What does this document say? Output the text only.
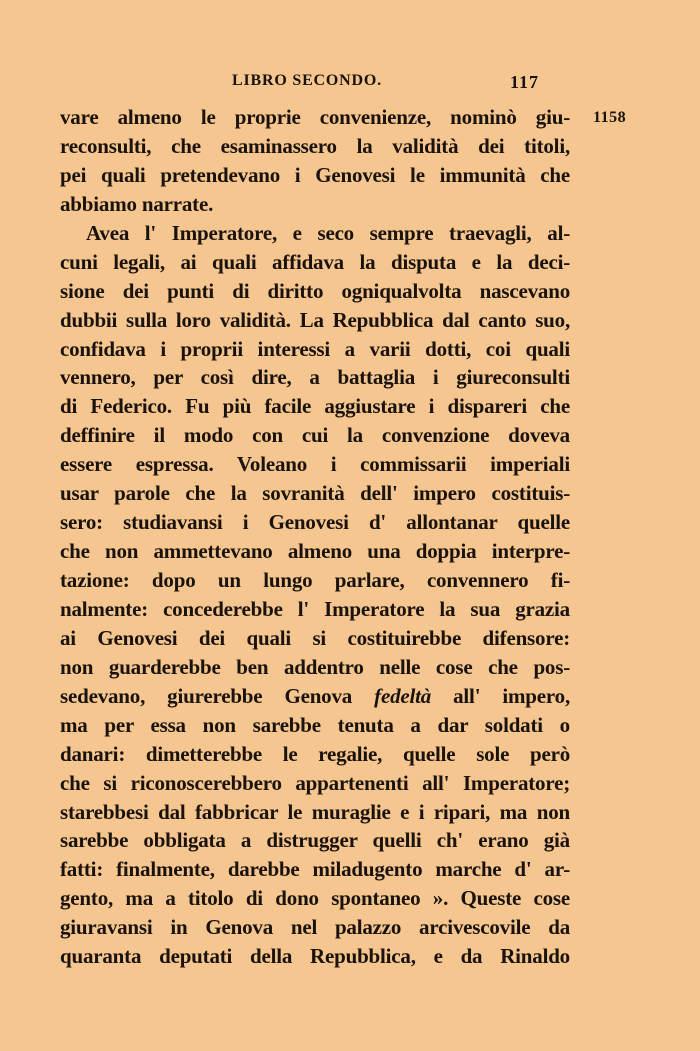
LIBRO SECONDO.	117
1158
vare almeno le proprie convenienze, nominò giu-
reconsulti, che esaminassero la validità dei titoli,
pei quali pretendevano i Genovesi le immunità che
abbiamo narrate.
Avea l' Imperatore, e seco sempre traevagli, al-
cuni legali, ai quali affidava la disputa e la deci-
sione dei punti di diritto ogniqualvolta nascevano
dubbii sulla loro validità. La Repubblica dal canto suo,
confidava i proprii interessi a varii dotti, coi quali
vennero, per così dire, a battaglia i giureconsulti
di Federico. Fu più facile aggiustare i dispareri che
deffinire il modo con cui la convenzione doveva
essere espressa. Voleano i commissarii imperiali
usar parole che la sovranità dell' impero costituis-
sero: studiavansi i Genovesi d' allontanar quelle
che non ammettevano almeno una doppia interpre-
tazione: dopo un lungo parlare, convennero fi-
nalmente: concederebbe l' Imperatore la sua grazia
ai Genovesi dei quali si costituirebbe difensore:
non guarderebbe ben addentro nelle cose che pos-
sedevano, giurerebbe Genova fedeltà all' impero,
ma per essa non sarebbe tenuta a dar soldati o
danari: dimetterebbe le regalie, quelle sole però
che si riconoscerebbero appartenenti all' Imperatore;
starebbesi dal fabbricar le muraglie e i ripari, ma non
sarebbe obbligata a distrugger quelli ch' erano già
fatti: finalmente, darebbe miladugento marche d' ar-
gento, ma a titolo di dono spontaneo ». Queste cose
giuravansi in Genova nel palazzo arcivescovile da
quaranta deputati della Repubblica, e da Rinaldo
